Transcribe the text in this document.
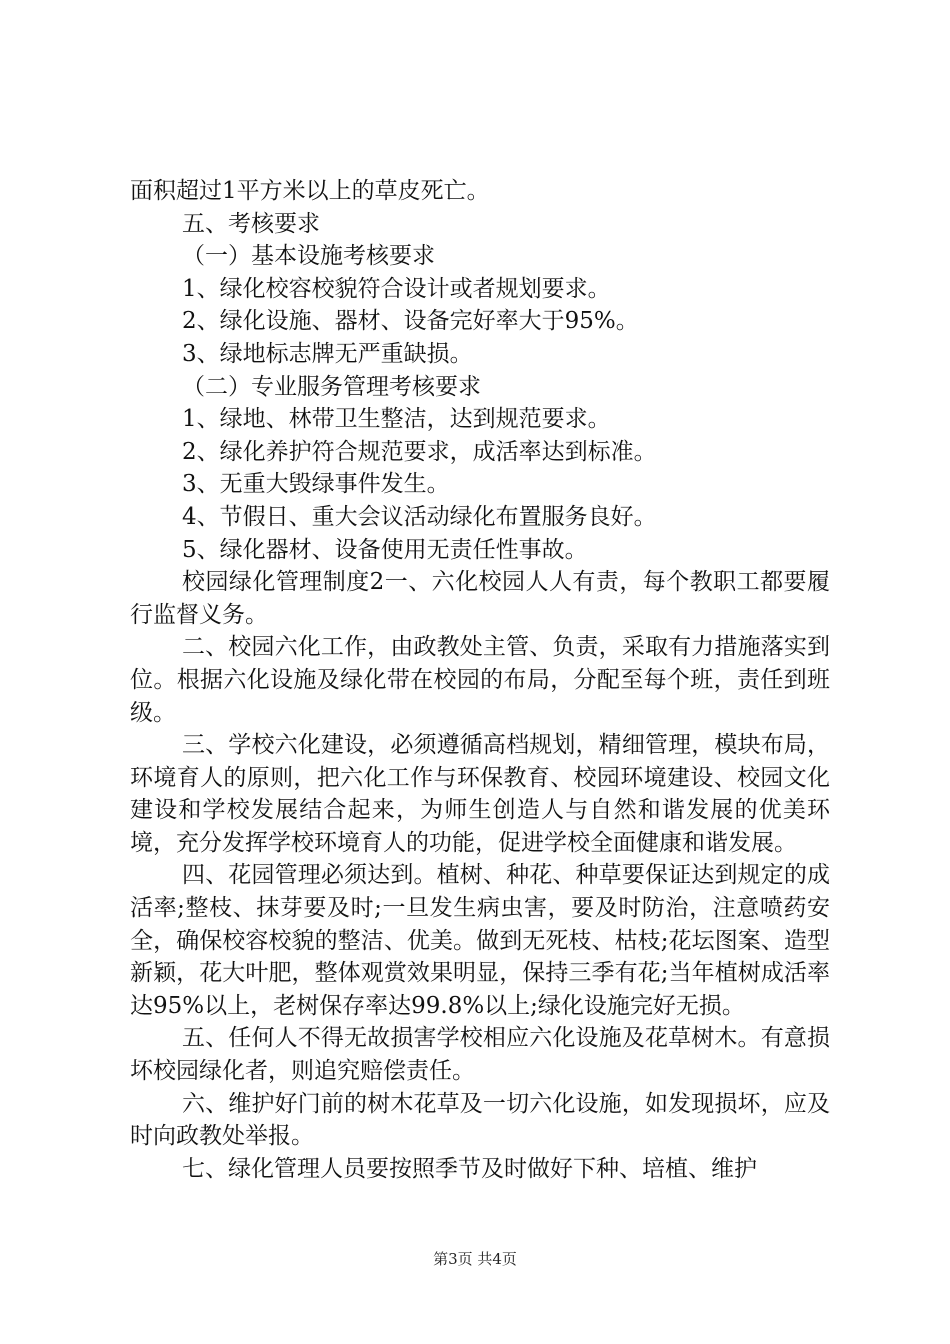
面积超过1平方米以上的草皮死亡。

五、考核要求

（一）基本设施考核要求

1、绿化校容校貌符合设计或者规划要求。

2、绿化设施、器材、设备完好率大于95%。

3、绿地标志牌无严重缺损。

（二）专业服务管理考核要求

1、绿地、林带卫生整洁，达到规范要求。

2、绿化养护符合规范要求，成活率达到标准。

3、无重大毁绿事件发生。

4、节假日、重大会议活动绿化布置服务良好。

5、绿化器材、设备使用无责任性事故。

校园绿化管理制度2一、六化校园人人有责，每个教职工都要履行监督义务。

二、校园六化工作，由政教处主管、负责，采取有力措施落实到位。根据六化设施及绿化带在校园的布局，分配至每个班，责任到班级。

三、学校六化建设，必须遵循高档规划，精细管理，模块布局，环境育人的原则，把六化工作与环保教育、校园环境建设、校园文化建设和学校发展结合起来，为师生创造人与自然和谐发展的优美环境，充分发挥学校环境育人的功能，促进学校全面健康和谐发展。

四、花园管理必须达到。植树、种花、种草要保证达到规定的成活率;整枝、抹芽要及时;一旦发生病虫害，要及时防治，注意喷药安全，确保校容校貌的整洁、优美。做到无死枝、枯枝;花坛图案、造型新颖，花大叶肥，整体观赏效果明显，保持三季有花;当年植树成活率达95%以上，老树保存率达99.8%以上;绿化设施完好无损。

五、任何人不得无故损害学校相应六化设施及花草树木。有意损坏校园绿化者，则追究赔偿责任。

六、维护好门前的树木花草及一切六化设施，如发现损坏，应及时向政教处举报。

七、绿化管理人员要按照季节及时做好下种、培植、维护

第3页 共4页
